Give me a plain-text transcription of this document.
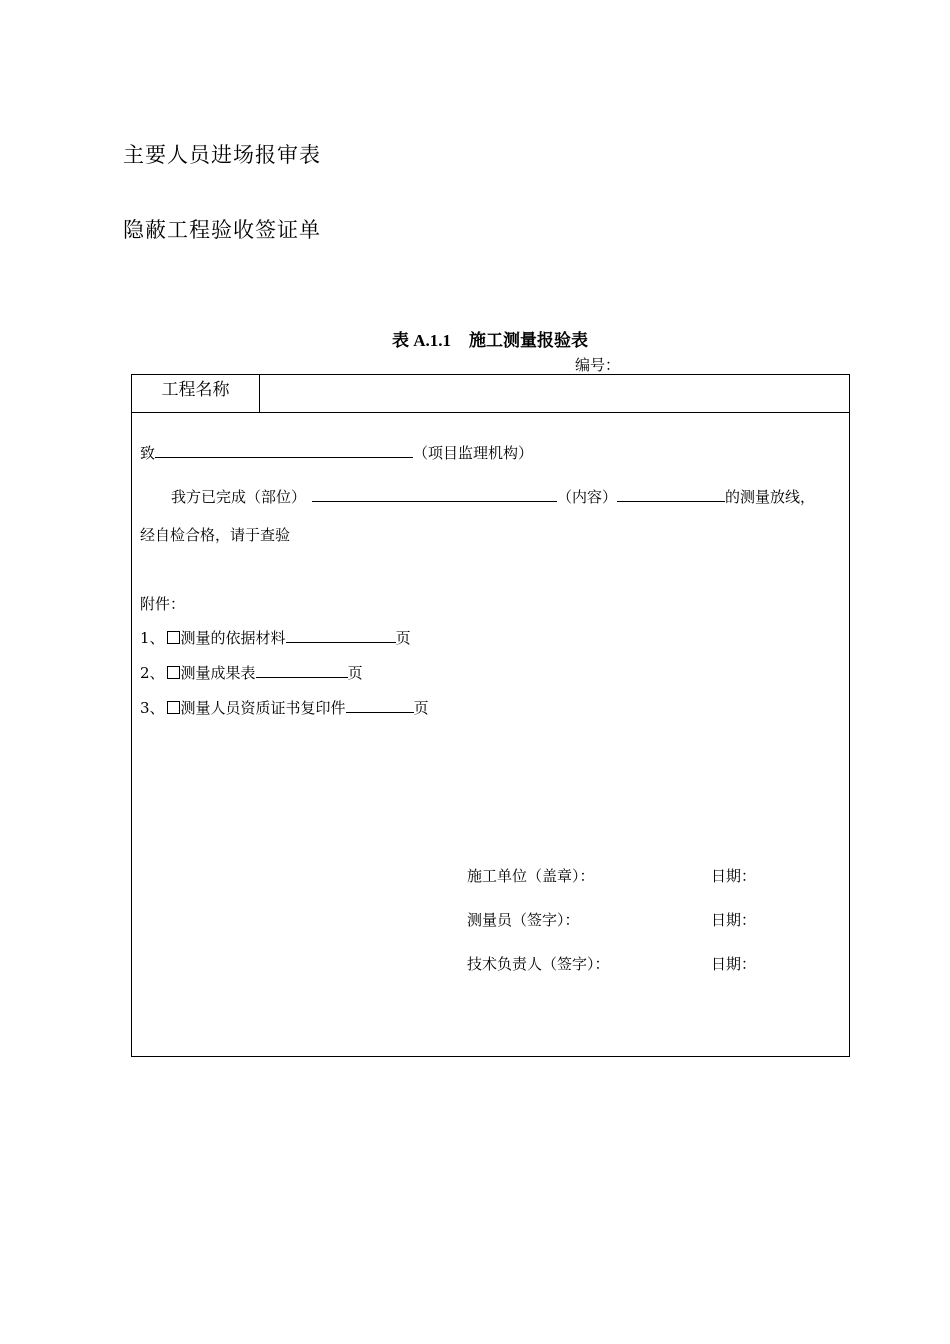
主要人员进场报审表
隐蔽工程验收签证单
表 A.1.1 施工测量报验表
编号：
工程名称
致	（项目监理机构）
我方已完成（部位）	（内容）	的测量放线，
经自检合格，请于查验
附件：
1、 测量的依据材料	页
2、 测量成果表	页
3、 测量人员资质证书复印件	页
施工单位（盖章）：	日期：
测量员（签字）：	日期：
技术负责人（签字）：	日期：
